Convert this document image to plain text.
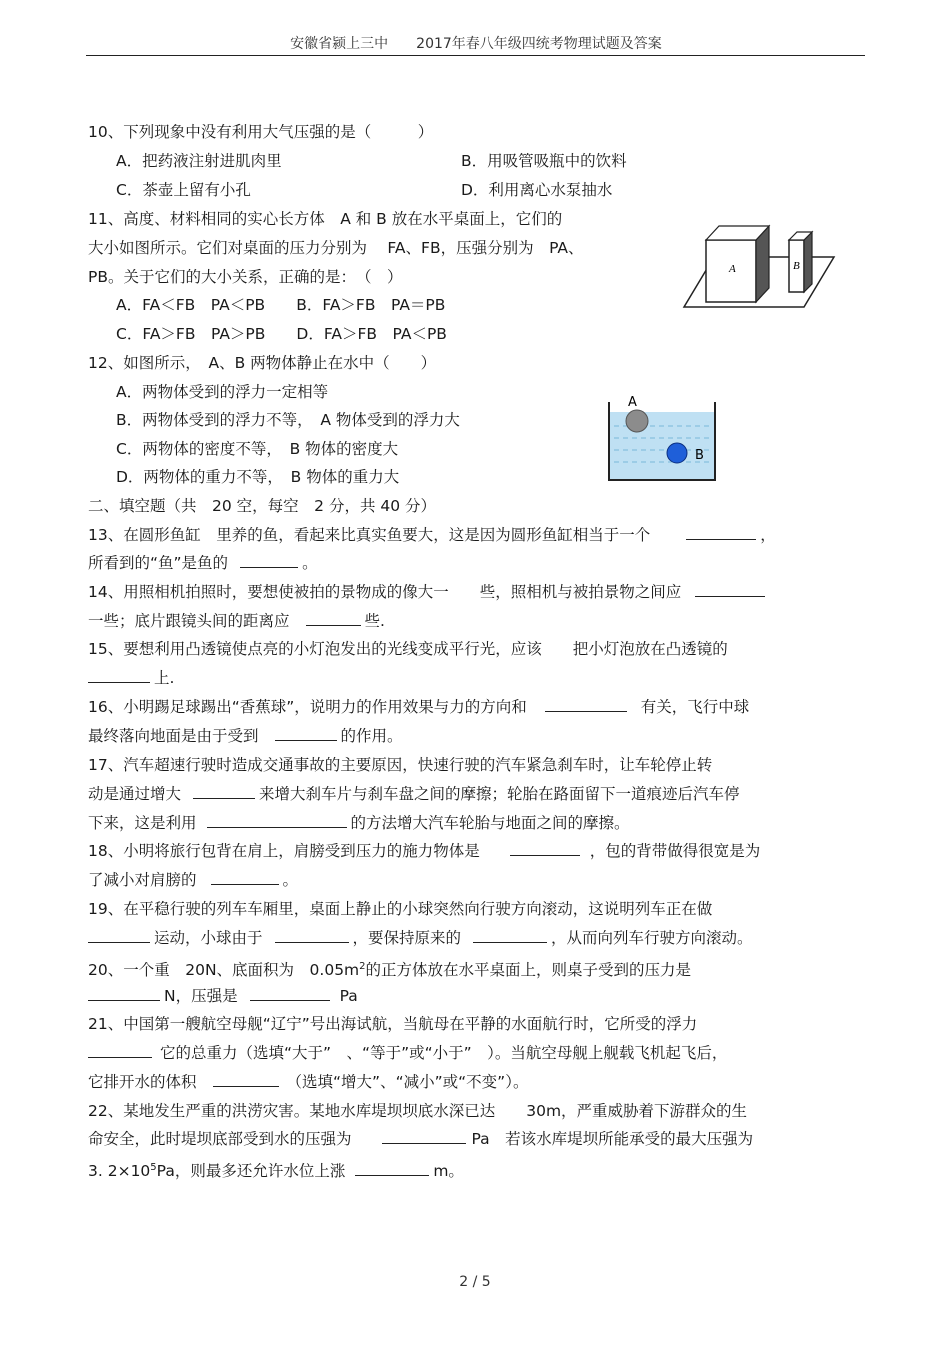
安徽省颍上三中　　 2017年春八年级四统考物理试题及答案
10、下列现象中没有利用大气压强的是（　　　）
A．把药液注射进肌肉里	B．用吸管吸瓶中的饮料
C．茶壶上留有小孔	D．利用离心水泵抽水
11、高度、材料相同的实心长方体　A 和 B 放在水平桌面上，它们的
大小如图所示。它们对桌面的压力分别为　 FA、FB，压强分别为　PA、
PB。关于它们的大小关系，正确的是：　（　）
A．FA＜FB　PA＜PB　　B．FA＞FB　PA＝PB
C．FA＞FB　PA＞PB　　D．FA＞FB　PA＜PB
A	B
12、如图所示，　A、B 两物体静止在水中（　　）
A．两物体受到的浮力一定相等
B．两物体受到的浮力不等，　A 物体受到的浮力大
C．两物体的密度不等，　B 物体的密度大
D．两物体的重力不等，　B 物体的重力大
A
B
二、填空题（共　20 空，每空　2 分，共 40 分）
13、在圆形鱼缸　里养的鱼，看起来比真实鱼要大，这是因为圆形鱼缸相当于一个	，
所看到的“鱼”是鱼的	。
14、用照相机拍照时，要想使被拍的景物成的像大一　　些，照相机与被拍景物之间应
一些；底片跟镜头间的距离应	些.
15、要想利用凸透镜使点亮的小灯泡发出的光线变成平行光，应该　　把小灯泡放在凸透镜的
上.
16、小明踢足球踢出“香蕉球”，说明力的作用效果与力的方向和	有关，飞行中球
最终落向地面是由于受到	的作用。
17、汽车超速行驶时造成交通事故的主要原因，快速行驶的汽车紧急刹车时，让车轮停止转
动是通过增大	来增大刹车片与刹车盘之间的摩擦；轮胎在路面留下一道痕迹后汽车停
下来，这是利用	的方法增大汽车轮胎与地面之间的摩擦。
18、小明将旅行包背在肩上，肩膀受到压力的施力物体是	，包的背带做得很宽是为
了减小对肩膀的	。
19、在平稳行驶的列车车厢里，桌面上静止的小球突然向行驶方向滚动，这说明列车正在做
运动，小球由于	，要保持原来的	，从而向列车行驶方向滚动。
20、一个重　20N、底面积为　$0.05m^2$的正方体放在水平桌面上，则桌子受到的压力是
N，压强是	Pa
21、中国第一艘航空母舰“辽宁”号出海试航，当航母在平静的水面航行时，它所受的浮力
它的总重力（选填“大于”　、“等于”或“小于”　）。当航空母舰上舰载飞机起飞后，
它排开水的体积	（选填“增大”、“减小”或“不变”）。
22、某地发生严重的洪涝灾害。某地水库堤坝坝底水深已达　　30m，严重威胁着下游群众的生
命安全，此时堤坝底部受到水的压强为	Pa　若该水库堤坝所能承受的最大压强为
3. $2\times 10^5Pa$，则最多还允许水位上涨	m。
2 / 5
